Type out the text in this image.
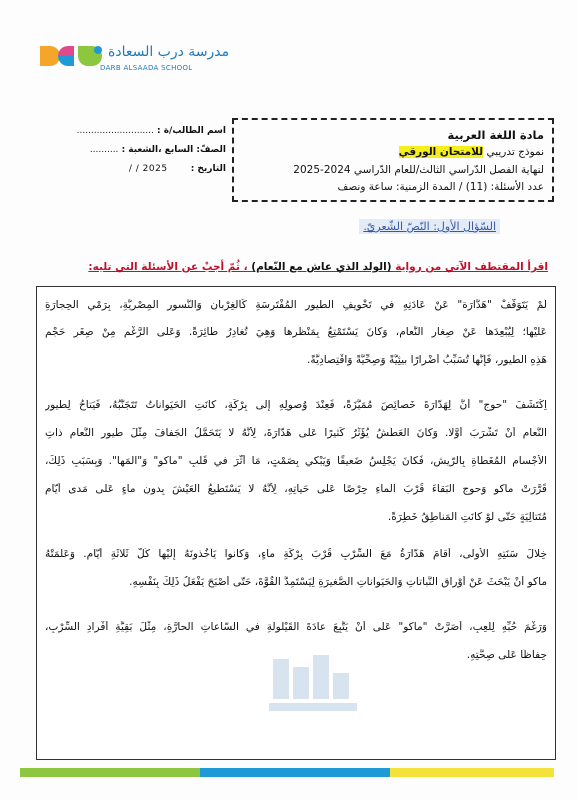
مدرسة درب السعادة
DARB ALSAADA SCHOOL
اسم الطالب/ة : ...........................
الصفّ: السابع ،الشعبة : ..........
التاريخ : / / 2025
مادة اللغة العربية
نموذج تدريبي للامتحان الورقي
لنهاية الفصل الدّراسي الثالث/للعام الدّراسي 2024-2025
عدد الأسئلة: (11) / المدة الزمنية: ساعة ونصف
السّؤال الأول: النّصّ الشّعريّ.
اقرأ المقتطف الآتي من رواية (الولد الذي عاش مع النّعام) ، ثُمّ أجبْ عن الأسئلة التي تليه:
لَمْ يَتَوَقَّفْ "هَدَّارَة" عَنْ عَادَتِهِ في تَخْويفِ الطُّيورِ المُفْتَرِسَةِ كَالغِرْبانِ وَالنُّسورِ المِصْريَّةِ، بِرَمْيِ الحِجارَةِ
عَلَيْها؛ لِيُبْعِدَها عَنْ صِغارِ النَّعامِ، وَكانَ يَسْتَمْتِعُ بِمَنْظَرِها وَهِيَ تُغادِرُ طائِرَةً. وَعَلى الرَّغْمِ مِنْ صِغَرِ حَجْمِ
هَذِهِ الطُّيورِ، فَإِنَّها تُسَبِّبُ أَضْرارًا بيئِيَّةً وَصِحِّيَّةً وَاقْتِصادِيَّةً.
اِكْتَشَفَ "حوج" أَنَّ لِهَدّارَةَ خَصائِصَ مُمَيَّزَةً، فَعِنْدَ وُصولِهِ إِلى بِرْكَةٍ، كانَتِ الحَيَواناتُ تَتَجَنَّبُهُ، فَيَتاحُ لِطُيورِ
النَّعامِ أَنْ تَشْرَبَ أَوَّلًا. وَكانَ العَطَشُ يُؤَثِّرُ كَثيرًا عَلى هَدّارَةَ، لِأَنَّهُ لا يَتَحَمَّلُ الجَفافَ مِثْلَ طُيورِ النَّعامِ ذاتِ
الأَجْسامِ المُغَطّاةِ بِالرّيشِ، فَكانَ يَجْلِسُ ضَعيفًا وَيَبْكي بِصَمْتٍ، مَا أَثَّرَ في قَلْبِ "ماكو" وَ"المَها". وَبِسَبَبِ ذَلِكَ،
قَرَّرَتْ ماكو وَحوج البَقاءَ قُرْبَ الماءِ حِرْصًا عَلى حَياتِهِ، لِأَنَّهُ لا يَسْتَطيعُ العَيْشَ بِدونِ ماءٍ عَلى مَدى أَيّامٍ
مُتَتالِيَةٍ حَتّى لَوْ كانَتِ المَناطِقُ خَطِرَةً.
خِلالَ سَنَتِهِ الأولى، أَقامَ هَدّارَةُ مَعَ السِّرْبِ قُرْبَ بِرْكَةِ ماءٍ، وَكانوا يَأْخُذونَهُ إِلَيْها كُلَّ ثَلاثَةِ أَيّامٍ. وَعَلَّمَتْهُ
ماكو أَنْ يَبْحَثَ عَنْ أَوْراقِ النَّباتاتِ وَالحَيَواناتِ الصَّغيرَةِ لِيَسْتَمِدَّ القُوَّةَ، حَتّى أَصْبَحَ يَفْعَلُ ذَلِكَ بِنَفْسِهِ.
وَرَغْمَ حُبِّهِ لِلَّعِبِ، أَصَرَّتْ "ماكو" عَلى أَنْ يَتَّبِعَ عادَةَ القَيْلولَةِ في السّاعاتِ الحارَّةِ، مِثْلَ بَقِيَّةِ أَفْرادِ السِّرْبِ،
حِفاظًا عَلى صِحَّتِهِ.
